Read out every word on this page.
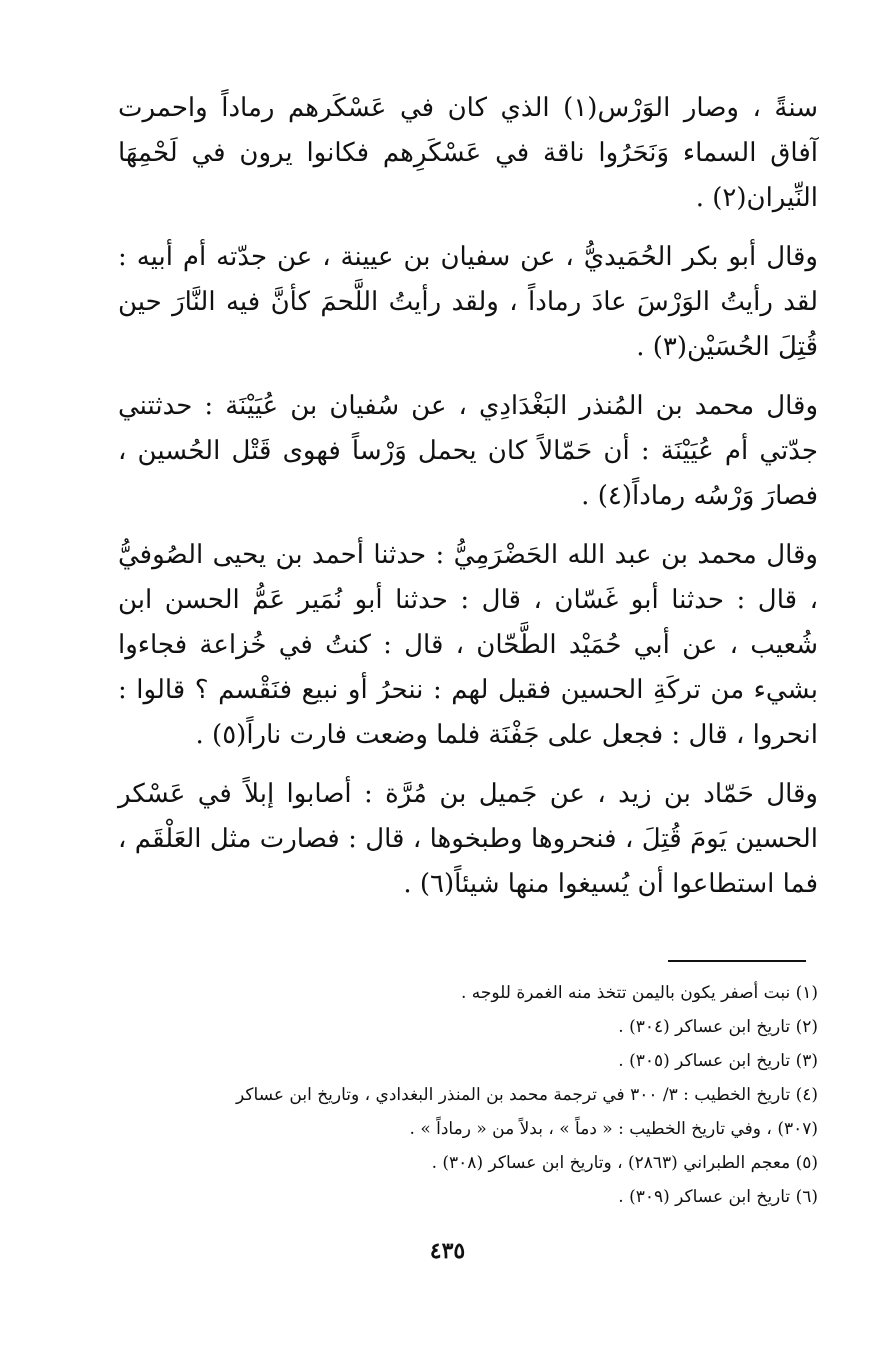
سنةً ، وصار الوَرْس(١) الذي كان في عَسْكَرهم رماداً واحمرت آفاق السماء وَنَحَرُوا ناقة في عَسْكَرِهم فكانوا يرون في لَحْمِهَا النِّيران(٢) .

وقال أبو بكر الحُمَيديُّ ، عن سفيان بن عيينة ، عن جدّته أم أبيه : لقد رأيتُ الوَرْسَ عادَ رماداً ، ولقد رأيتُ اللَّحمَ كأنَّ فيه النَّارَ حين قُتِلَ الحُسَيْن(٣) .

وقال محمد بن المُنذر البَغْدَادِي ، عن سُفيان بن عُيَيْنَة : حدثتني جدّتي أم عُيَيْنَة : أن حَمّالاً كان يحمل وَرْساً فهوى قَتْل الحُسين ، فصارَ وَرْسُه رماداً(٤) .

وقال محمد بن عبد الله الحَضْرَمِيُّ : حدثنا أحمد بن يحيى الصُوفيُّ ، قال : حدثنا أبو غَسّان ، قال : حدثنا أبو نُمَير عَمُّ الحسن ابن شُعيب ، عن أبي حُمَيْد الطَّحّان ، قال : كنتُ في خُزاعة فجاءوا بشيء من تركَةِ الحسين فقيل لهم : ننحرُ أو نبيع فنَقْسم ؟ قالوا : انحروا ، قال : فجعل على جَفْنَة فلما وضعت فارت ناراً(٥) .

وقال حَمّاد بن زيد ، عن جَميل بن مُرَّة : أصابوا إبلاً في عَسْكر الحسين يَومَ قُتِلَ ، فنحروها وطبخوها ، قال : فصارت مثل العَلْقَم ، فما استطاعوا أن يُسيغوا منها شيئاً(٦) .

(١) نبت أصفر يكون باليمن تتخذ منه الغمرة للوجه .

(٢) تاريخ ابن عساكر (٣٠٤) .

(٣) تاريخ ابن عساكر (٣٠٥) .

(٤) تاريخ الخطيب : ٣/ ٣٠٠ في ترجمة محمد بن المنذر البغدادي ، وتاريخ ابن عساكر

(٣٠٧) ، وفي تاريخ الخطيب : « دماً » ، بدلاً من « رماداً » .

(٥) معجم الطبراني (٢٨٦٣) ، وتاريخ ابن عساكر (٣٠٨) .

(٦) تاريخ ابن عساكر (٣٠٩) .

٤٣٥
